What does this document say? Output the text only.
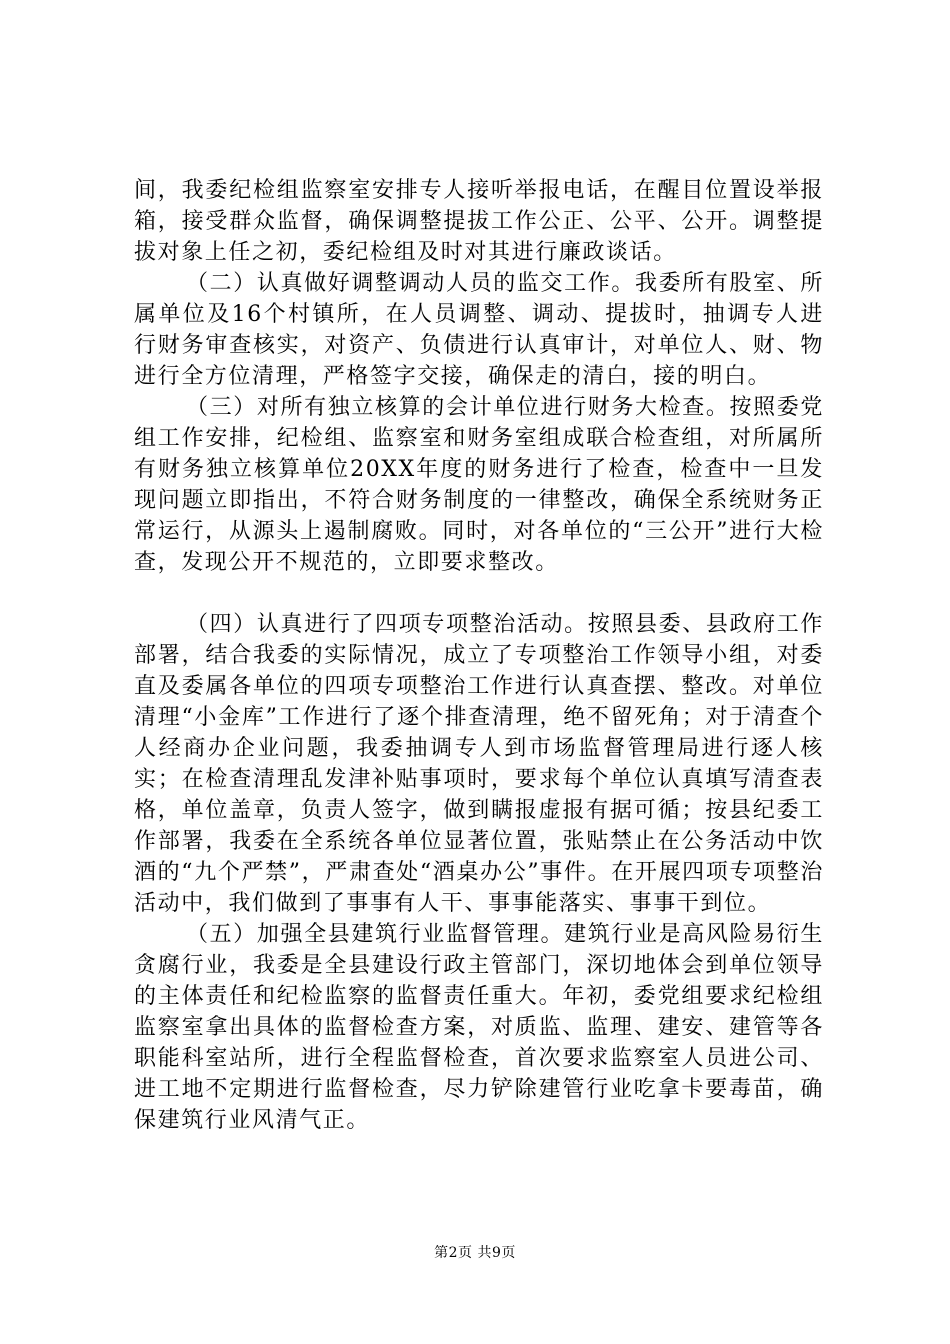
间，我委纪检组监察室安排专人接听举报电话，在醒目位置设举报箱，接受群众监督，确保调整提拔工作公正、公平、公开。调整提拔对象上任之初，委纪检组及时对其进行廉政谈话。

（二）认真做好调整调动人员的监交工作。我委所有股室、所属单位及16个村镇所，在人员调整、调动、提拔时，抽调专人进行财务审查核实，对资产、负债进行认真审计，对单位人、财、物进行全方位清理，严格签字交接，确保走的清白，接的明白。

（三）对所有独立核算的会计单位进行财务大检查。按照委党组工作安排，纪检组、监察室和财务室组成联合检查组，对所属所有财务独立核算单位20XX年度的财务进行了检查，检查中一旦发现问题立即指出，不符合财务制度的一律整改，确保全系统财务正常运行，从源头上遏制腐败。同时，对各单位的“三公开”进行大检查，发现公开不规范的，立即要求整改。

（四）认真进行了四项专项整治活动。按照县委、县政府工作部署，结合我委的实际情况，成立了专项整治工作领导小组，对委直及委属各单位的四项专项整治工作进行认真查摆、整改。对单位清理“小金库”工作进行了逐个排查清理，绝不留死角；对于清查个人经商办企业问题，我委抽调专人到市场监督管理局进行逐人核实；在检查清理乱发津补贴事项时，要求每个单位认真填写清查表格，单位盖章，负责人签字，做到瞒报虚报有据可循；按县纪委工作部署，我委在全系统各单位显著位置，张贴禁止在公务活动中饮酒的“九个严禁”，严肃查处“酒桌办公”事件。在开展四项专项整治活动中，我们做到了事事有人干、事事能落实、事事干到位。

（五）加强全县建筑行业监督管理。建筑行业是高风险易衍生贪腐行业，我委是全县建设行政主管部门，深切地体会到单位领导的主体责任和纪检监察的监督责任重大。年初，委党组要求纪检组监察室拿出具体的监督检查方案，对质监、监理、建安、建管等各职能科室站所，进行全程监督检查，首次要求监察室人员进公司、进工地不定期进行监督检查，尽力铲除建管行业吃拿卡要毒苗，确保建筑行业风清气正。

第2页 共9页
